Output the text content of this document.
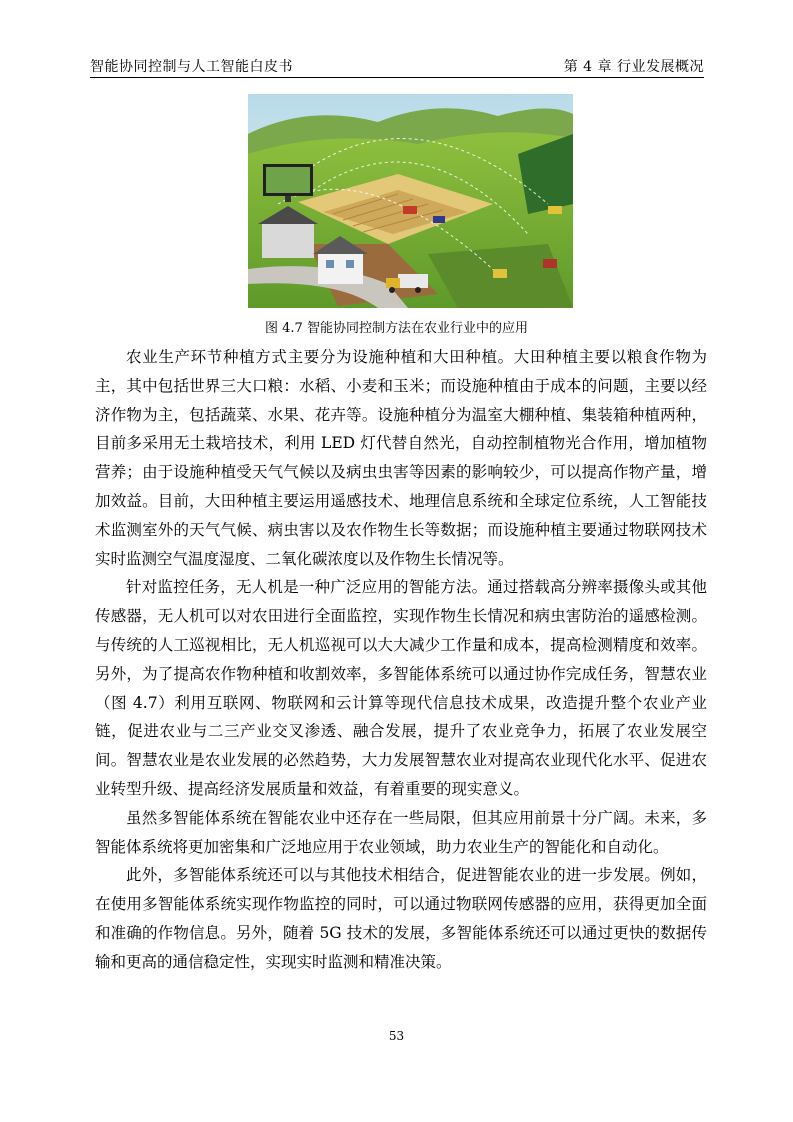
智能协同控制与人工智能白皮书	第 4 章 行业发展概况
图 4.7 智能协同控制方法在农业行业中的应用

农业生产环节种植方式主要分为设施种植和大田种植。大田种植主要以粮食作物为主，其中包括世界三大口粮：水稻、小麦和玉米；而设施种植由于成本的问题，主要以经济作物为主，包括蔬菜、水果、花卉等。设施种植分为温室大棚种植、集装箱种植两种，目前多采用无土栽培技术，利用 LED 灯代替自然光，自动控制植物光合作用，增加植物营养；由于设施种植受天气气候以及病虫虫害等因素的影响较少，可以提高作物产量，增加效益。目前，大田种植主要运用遥感技术、地理信息系统和全球定位系统，人工智能技术监测室外的天气气候、病虫害以及农作物生长等数据；而设施种植主要通过物联网技术实时监测空气温度湿度、二氧化碳浓度以及作物生长情况等。

针对监控任务，无人机是一种广泛应用的智能方法。通过搭载高分辨率摄像头或其他传感器，无人机可以对农田进行全面监控，实现作物生长情况和病虫害防治的遥感检测。与传统的人工巡视相比，无人机巡视可以大大减少工作量和成本，提高检测精度和效率。另外，为了提高农作物种植和收割效率，多智能体系统可以通过协作完成任务，智慧农业（图 4.7）利用互联网、物联网和云计算等现代信息技术成果，改造提升整个农业产业链，促进农业与二三产业交叉渗透、融合发展，提升了农业竞争力，拓展了农业发展空间。智慧农业是农业发展的必然趋势，大力发展智慧农业对提高农业现代化水平、促进农业转型升级、提高经济发展质量和效益，有着重要的现实意义。

虽然多智能体系统在智能农业中还存在一些局限，但其应用前景十分广阔。未来，多智能体系统将更加密集和广泛地应用于农业领域，助力农业生产的智能化和自动化。

此外，多智能体系统还可以与其他技术相结合，促进智能农业的进一步发展。例如，在使用多智能体系统实现作物监控的同时，可以通过物联网传感器的应用，获得更加全面和准确的作物信息。另外，随着 5G 技术的发展，多智能体系统还可以通过更快的数据传输和更高的通信稳定性，实现实时监测和精准决策。

53
